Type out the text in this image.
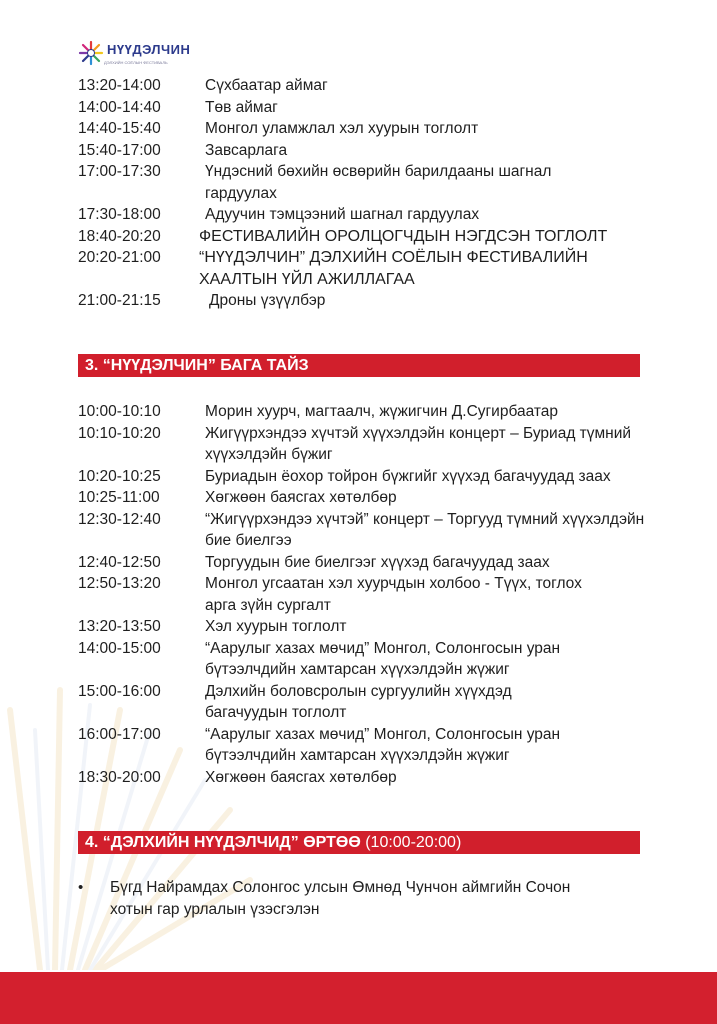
НҮҮДЭЛЧИН
ДЭЛХИЙН СОЁЛЫН ФЕСТИВАЛЬ
13:20-14:00	Сүхбаатар аймаг
14:00-14:40	Төв аймаг
14:40-15:40	Монгол уламжлал хэл хуурын тоглолт
15:40-17:00	Завсарлага
17:00-17:30	Үндэсний бөхийн өсвөрийн барилдааны шагнал гардуулах
17:30-18:00	Адуучин тэмцээний шагнал гардуулах
18:40-20:20	ФЕСТИВАЛИЙН ОРОЛЦОГЧДЫН НЭГДСЭН ТОГЛОЛТ
20:20-21:00	“НҮҮДЭЛЧИН” ДЭЛХИЙН СОЁЛЫН ФЕСТИВАЛИЙН ХААЛТЫН ҮЙЛ АЖИЛЛАГАА
21:00-21:15	Дроны үзүүлбэр
3. “НҮҮДЭЛЧИН” БАГА ТАЙЗ
10:00-10:10	Морин хуурч, магтаалч, жүжигчин Д.Сугирбаатар
10:10-10:20	Жигүүрхэндээ хүчтэй хүүхэлдэйн концерт – Буриад түмний хүүхэлдэйн бүжиг
10:20-10:25	Буриадын ёохор тойрон бүжгийг хүүхэд багачуудад заах
10:25-11:00	Хөгжөөн баясгах хөтөлбөр
12:30-12:40	“Жигүүрхэндээ хүчтэй” концерт – Торгууд түмний хүүхэлдэйн бие биелгээ
12:40-12:50	Торгуудын бие биелгээг хүүхэд багачуудад заах
12:50-13:20	Монгол угсаатан хэл хуурчдын холбоо - Түүх, тоглох арга зүйн сургалт
13:20-13:50	Хэл хуурын тоглолт
14:00-15:00	“Аарулыг хазах мөчид” Монгол, Солонгосын уран бүтээлчдийн хамтарсан хүүхэлдэйн жүжиг
15:00-16:00	Дэлхийн боловсролын сургуулийн хүүхдэд багачуудын тоглолт
16:00-17:00	“Аарулыг хазах мөчид” Монгол, Солонгосын уран бүтээлчдийн хамтарсан хүүхэлдэйн жүжиг
18:30-20:00	Хөгжөөн баясгах хөтөлбөр
4. “ДЭЛХИЙН НҮҮДЭЛЧИД” ӨРТӨӨ (10:00-20:00)
•	Бүгд Найрамдах Солонгос улсын Өмнөд Чунчон аймгийн Сочон хотын гар урлалын үзэсгэлэн
